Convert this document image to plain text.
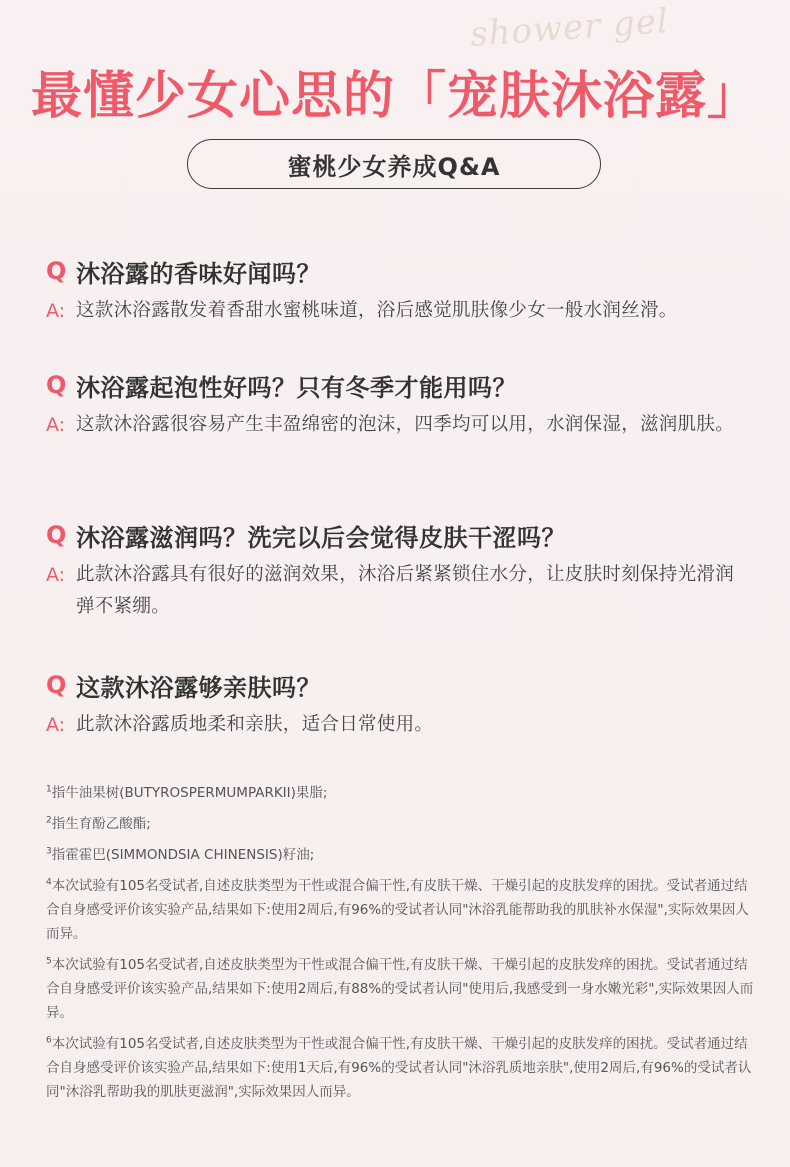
shower gel
最懂少女心思的「宠肤沐浴露」
蜜桃少女养成Q&A
Q 沐浴露的香味好闻吗？
A: 这款沐浴露散发着香甜水蜜桃味道，浴后感觉肌肤像少女一般水润丝滑。
Q 沐浴露起泡性好吗？只有冬季才能用吗？
A: 这款沐浴露很容易产生丰盈绵密的泡沫，四季均可以用，水润保湿，滋润肌肤。
Q 沐浴露滋润吗？洗完以后会觉得皮肤干涩吗？
A: 此款沐浴露具有很好的滋润效果，沐浴后紧紧锁住水分，让皮肤时刻保持光滑润弹不紧绷。
Q 这款沐浴露够亲肤吗？
A: 此款沐浴露质地柔和亲肤，适合日常使用。
$^1$指牛油果树(BUTYROSPERMUMPARKII)果脂;
$^2$指生育酚乙酸酯;
$^3$指霍霍巴(SIMMONDSIA CHINENSIS)籽油;
$^4$本次试验有105名受试者,自述皮肤类型为干性或混合偏干性,有皮肤干燥、干燥引起的皮肤发痒的困扰。受试者通过结合自身感受评价该实验产品,结果如下:使用2周后,有96%的受试者认同"沐浴乳能帮助我的肌肤补水保湿",实际效果因人而异。
$^5$本次试验有105名受试者,自述皮肤类型为干性或混合偏干性,有皮肤干燥、干燥引起的皮肤发痒的困扰。受试者通过结合自身感受评价该实验产品,结果如下:使用2周后,有88%的受试者认同"使用后,我感受到一身水嫩光彩",实际效果因人而异。
$^6$本次试验有105名受试者,自述皮肤类型为干性或混合偏干性,有皮肤干燥、干燥引起的皮肤发痒的困扰。受试者通过结合自身感受评价该实验产品,结果如下:使用1天后,有96%的受试者认同"沐浴乳质地亲肤",使用2周后,有96%的受试者认同"沐浴乳帮助我的肌肤更滋润",实际效果因人而异。
